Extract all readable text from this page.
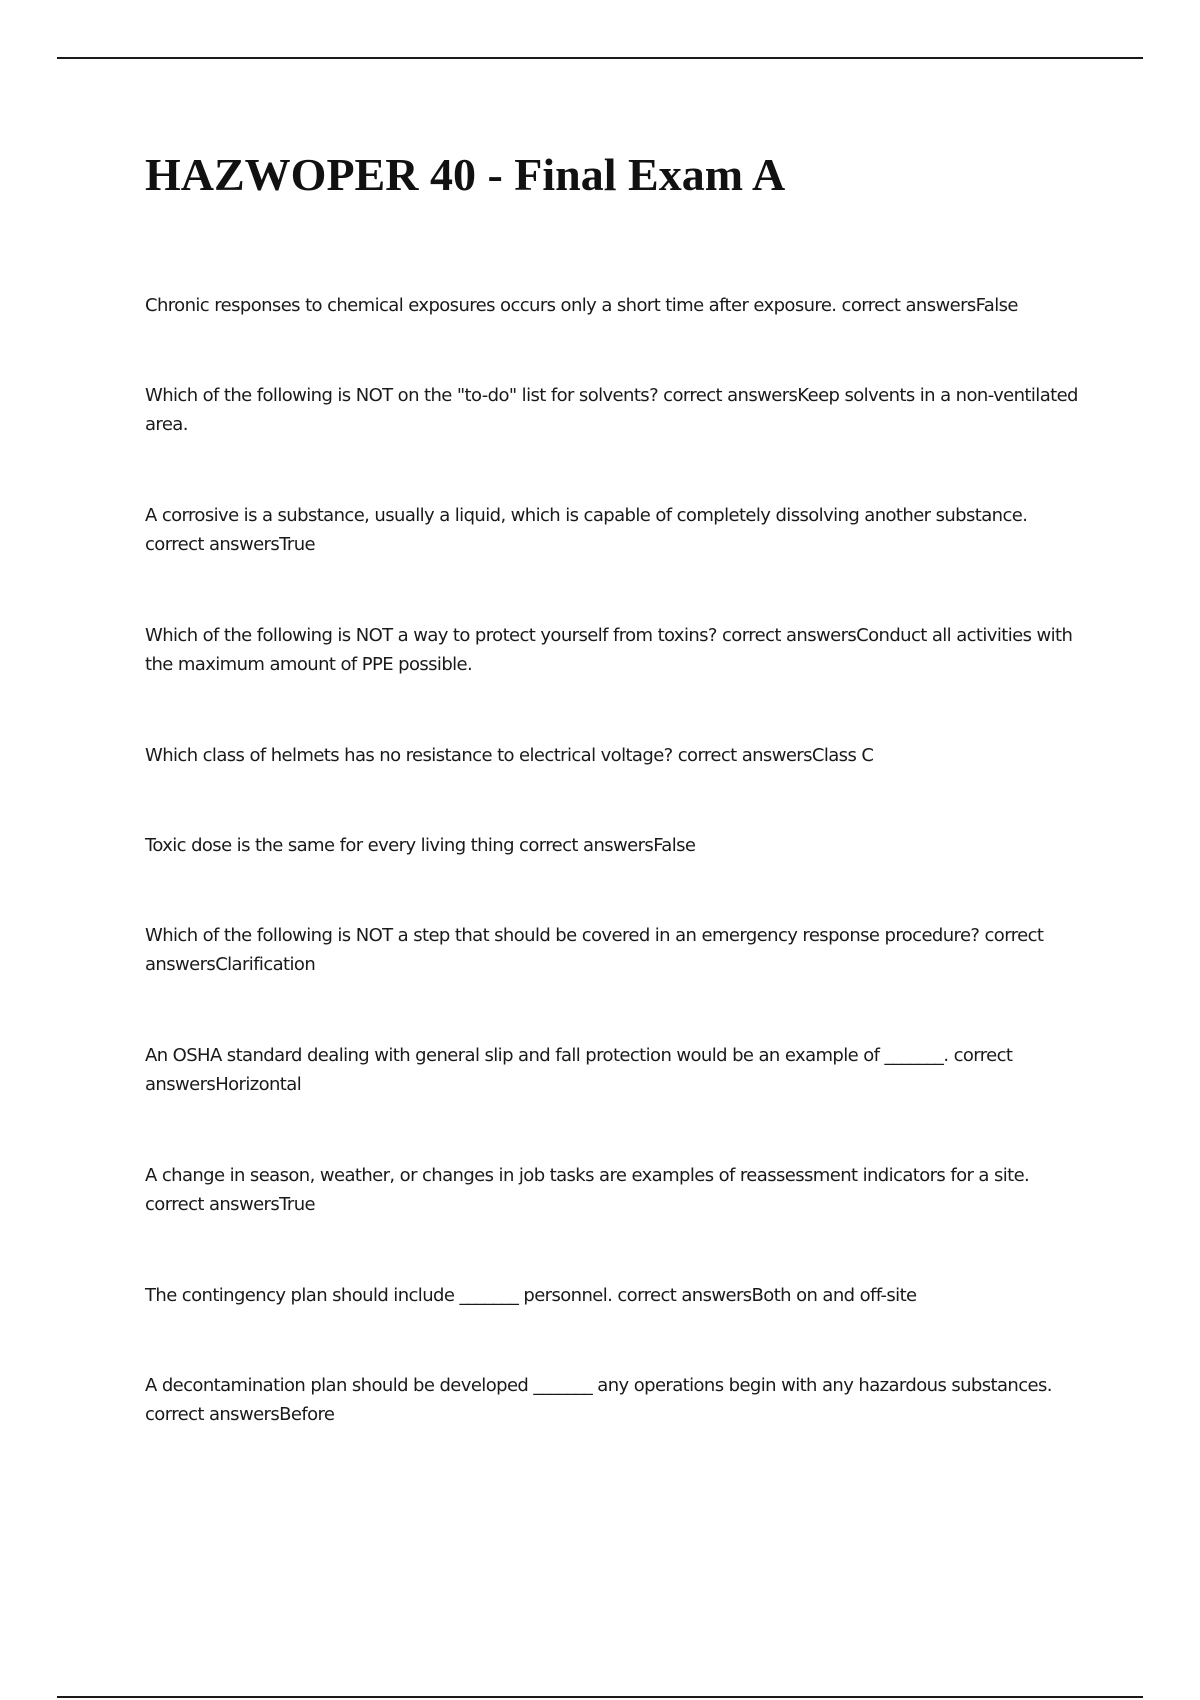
HAZWOPER 40 - Final Exam A

Chronic responses to chemical exposures occurs only a short time after exposure. correct answersFalse

Which of the following is NOT on the "to-do" list for solvents? correct answersKeep solvents in a non-ventilated area.

A corrosive is a substance, usually a liquid, which is capable of completely dissolving another substance. correct answersTrue

Which of the following is NOT a way to protect yourself from toxins? correct answersConduct all activities with the maximum amount of PPE possible.

Which class of helmets has no resistance to electrical voltage? correct answersClass C

Toxic dose is the same for every living thing correct answersFalse

Which of the following is NOT a step that should be covered in an emergency response procedure? correct answersClarification

An OSHA standard dealing with general slip and fall protection would be an example of _______. correct answersHorizontal

A change in season, weather, or changes in job tasks are examples of reassessment indicators for a site. correct answersTrue

The contingency plan should include _______ personnel. correct answersBoth on and off-site

A decontamination plan should be developed _______ any operations begin with any hazardous substances. correct answersBefore
